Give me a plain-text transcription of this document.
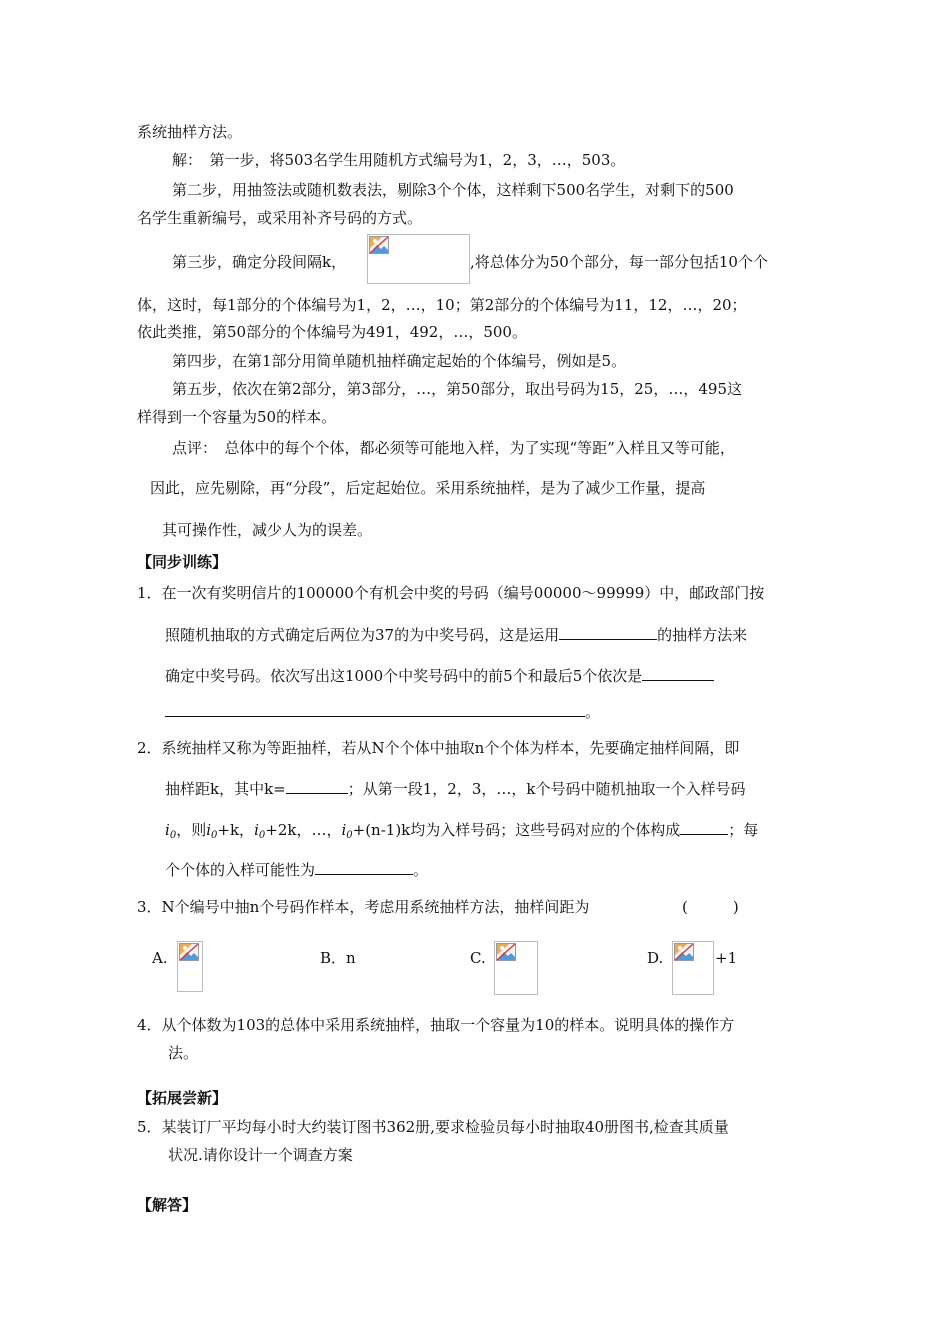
系统抽样方法。
解：　第一步，将503名学生用随机方式编号为1，2，3，…，503。
第二步，用抽签法或随机数表法，剔除3个个体，这样剩下500名学生，对剩下的500
名学生重新编号，或采用补齐号码的方式。
第三步，确定分段间隔k，	,将总体分为50个部分，每一部分包括10个个
体，这时，每1部分的个体编号为1，2，…，10；第2部分的个体编号为11，12，…，20；
依此类推，第50部分的个体编号为491，492，…，500。
第四步，在第1部分用简单随机抽样确定起始的个体编号，例如是5。
第五步，依次在第2部分，第3部分，…，第50部分，取出号码为15，25，…，495这
样得到一个容量为50的样本。
点评：　总体中的每个个体，都必须等可能地入样，为了实现“等距”入样且又等可能，
因此，应先剔除，再“分段”，后定起始位。采用系统抽样，是为了减少工作量，提高
其可操作性，减少人为的误差。
【同步训练】
1．在一次有奖明信片的100000个有机会中奖的号码（编号00000～99999）中，邮政部门按
照随机抽取的方式确定后两位为37的为中奖号码，这是运用	的抽样方法来
确定中奖号码。依次写出这1000个中奖号码中的前5个和最后5个依次是
。
2．系统抽样又称为等距抽样，若从N个个体中抽取n个个体为样本，先要确定抽样间隔，即
抽样距k，其中k=	；从第一段1，2，3，…，k个号码中随机抽取一个入样号码
$i_0$，则$i_0+k$，$i_0+2k$，…，$i_0+(n-1)k$均为入样号码；这些号码对应的个体构成	；每
个个体的入样可能性为	。
3．N个编号中抽n个号码作样本，考虑用系统抽样方法，抽样间距为	(　　　)
A.	B．n	C.	D.	+1
4．从个体数为103的总体中采用系统抽样，抽取一个容量为10的样本。说明具体的操作方
法。
【拓展尝新】
5．某装订厂平均每小时大约装订图书362册,要求检验员每小时抽取40册图书,检查其质量
状况.请你设计一个调查方案
【解答】
